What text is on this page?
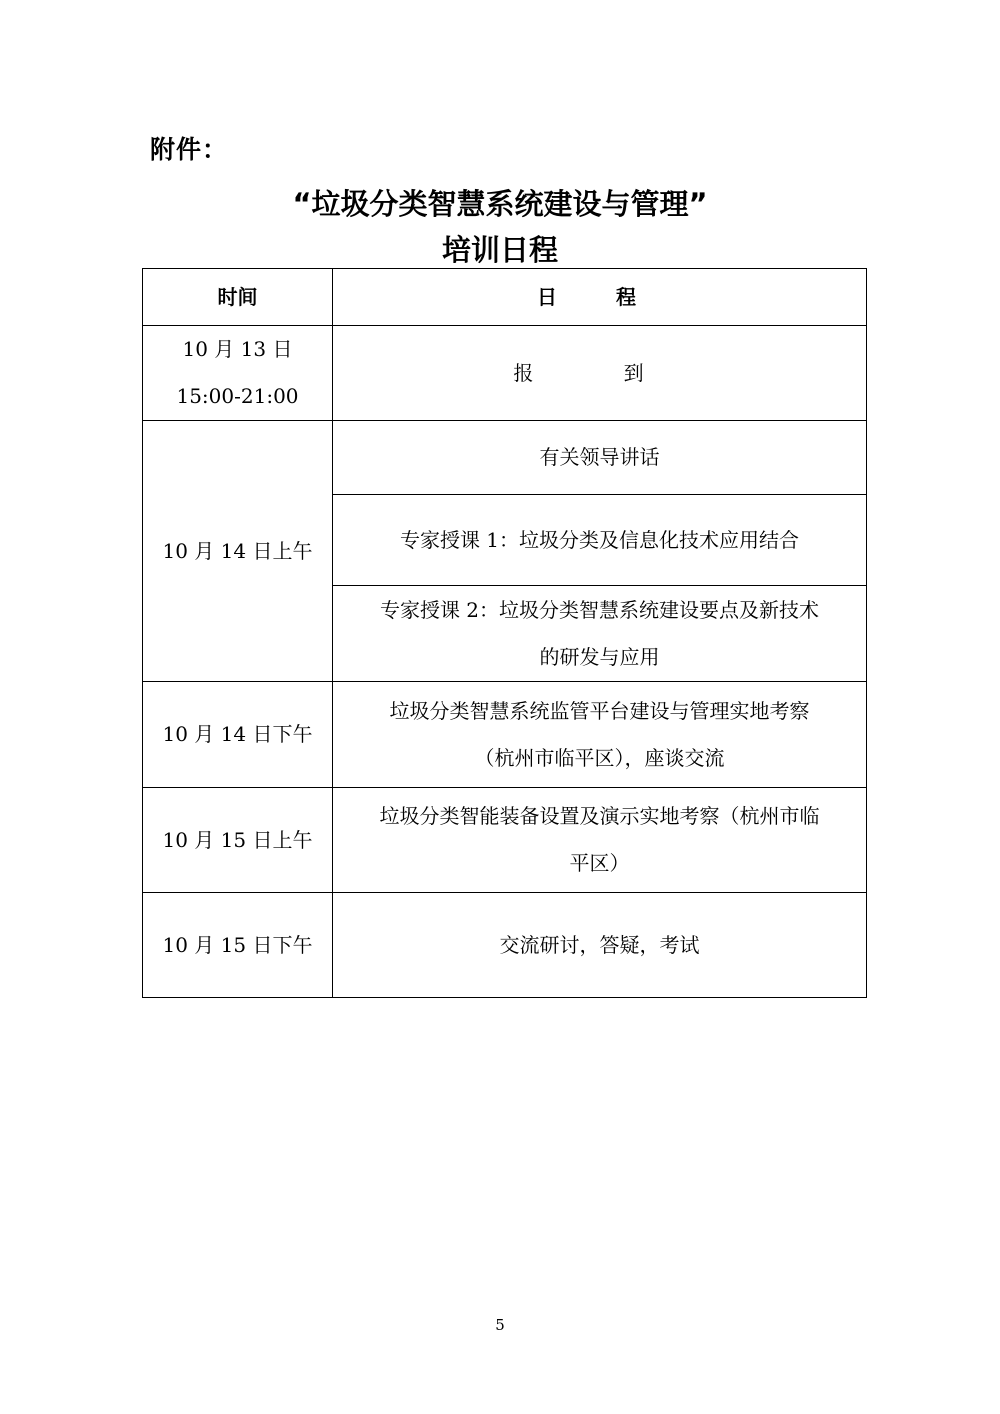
附件：
“垃圾分类智慧系统建设与管理”
培训日程
时间	日 程

10 月 13 日
15:00-21:00	报 到
10 月 14 日上午	有关领导讲话
	专家授课 1：垃圾分类及信息化技术应用结合

	专家授课 2：垃圾分类智慧系统建设要点及新技术
的研发与应用

10 月 14 日下午	垃圾分类智慧系统监管平台建设与管理实地考察
（杭州市临平区），座谈交流

10 月 15 日上午	垃圾分类智能装备设置及演示实地考察（杭州市临
平区）

10 月 15 日下午	交流研讨，答疑，考试
5
